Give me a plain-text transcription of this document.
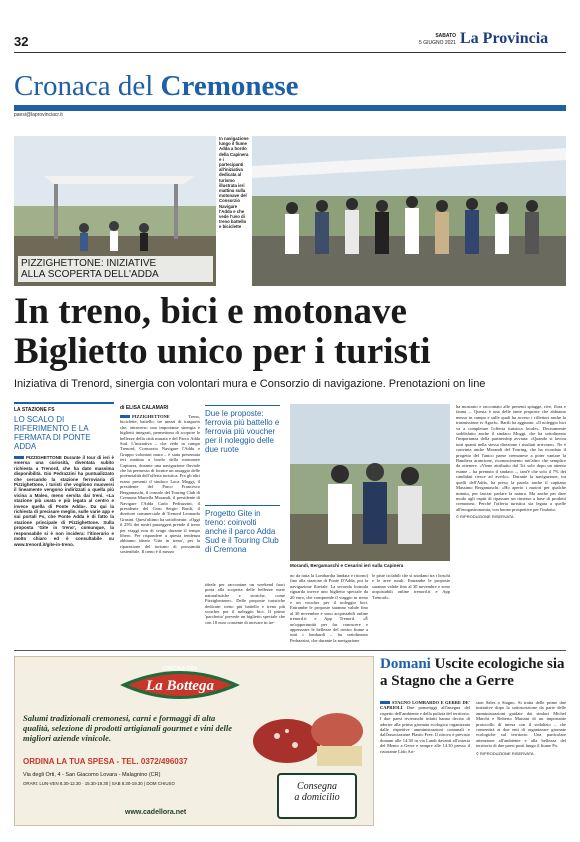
32	SABATO
5 GIUGNO 2021 La Provincia
Cronaca del Cremonese
paesi@laprovinciacr.it
PIZZIGHETTONE: INIZIATIVE
ALLA SCOPERTA DELL'ADDA
In navigazione lungo il fiume Adda a bordo della Capinera e i partecipanti all'iniziativa dedicata al turismo illustrata ieri mattina sulla motonave del Consorzio Navigare l'Adda e che vede l'uso di treno battello e biciclette
In treno, bici e motonave
Biglietto unico per i turisti
Iniziativa di Trenord, sinergia con volontari mura e Consorzio di navigazione. Prenotazioni on line
LA STAZIONE FS
LO SCALO DI RIFERIMENTO E LA FERMATA DI PONTE ADDA

PIZZIGHETTONE Durante il tour di ieri è emersa una curiosità, diventata subito richiesta a Trenord, che ha dato massima disponibilità. Gio Pedrazzini ha puntualizzato che cercando la stazione ferroviaria di Pizzighettone, i turisti che vogliono muoversi il lineamente vengono indirizzati a quella più vicina a Maleo, meno servita dai treni. «La stazione più usata e più legata al centro e invece quella di Ponte Adda». Da qui la richiesta di precisare meglio, sulle varie app e sui portali Fs, che Ponte Adda è di fatto la stazione principale di Pizzighettone. Sulla proposta 'Gite in treno', comunque, la responsabile si è non incidera: l'itinerario e molto chiaro ed è consultabile su www.trenord.it/gite-in-treno.

di ELISA CALAMARI

PIZZIGHETTONE	Treno, biciclette, battello: tre mezzi di trasporto che, attraverso una importante sinergia e biglietti integrati, permettono di scoprire le bellezze della città murata e del Parco Adda Sud. L'iniziativa – che vede in campo Trenord, Consorzio Navigare l'Adda e Gruppo volontari mura – è stata presentata ieri mattina a bordo della motonave Capinera, durante una navigazione fluviale che ha permesso di fornire un assaggio delle potenzialità dell'offerta turistica. Fra gli altri erano presenti il sindaco Luca Moggi, il presidente del Parco Francesco Bergamaschi, il console del Touring Club di Cremona Mariella Morandi, il presidente di Navigare l'Adda Carlo Pedrazzini, il presidente del Gvm Sergio Barili, il direttore commerciale di Trenord Leonardo Grasini. Quest'ultimo ha sottolineato: «Oggi il 25% dei nostri passeggeri prende il treno per viaggi non di svago durante il tempo libero. Per rispondere a questa tendenza abbiamo ideato 'Gite in treno', per la riparazione del turismo di prossimità sostenibile. Il treno è il mezzo

Due le proposte: ferrovia più battello e ferrovia più voucher per il noleggio delle due ruote
Progetto Gite in treno: coinvolti anche il parco Adda Sud e il Touring Club di Cremona

ideale per raccontare un weekend fuori porta alla scoperta delle bellezze mete naturalistiche e storiche, come Pizzighettone». Delle proposte turistiche dedicate: treno più battello e treno più voucher per il noleggio bici. Il primo 'pacchetto' prevede un biglietto speciale che con 18 euro consente di arrivare in tre-

Morandi, Bergamaschi e Cesarini ieri sulla Capinera

no da tutta la Lombardia landata e ritorno) fino alla stazione di Ponte D'Adda, poi la navigazione fluviale. La seconda formula riguarda invece uno biglietto speciale da 20 euro, che comprende il viaggio in treno e un voucher per il noleggio bici. Entrambe le proposte saranno valide fino al 30 novembre e sono acquistabili online trenord.it e App Trenord. «È un'opportunità per far conoscere e apprezzare le bellezze del nostro fiume a tutti i lombardi – ha sottolineato Pedrazzini, che durante la navigazione

le piste ciclabili che si snodano tra i boschi e le aree rurali. Entrambe le proposte saranno valide fino al 30 novembre e sono acquistabili online trenord.it e App Trenord».

ha mostrato e raccontato alle presenti spiagge, rive, flora e fauna –. Questa è una delle tante proposte che abbiamo messo in campo e sulle quali ha acceso i riflettori anche la trasmissione tv Agorà». Barili ha aggiunto: «Il noleggio bici va a completare l'offerta turistica locale». Decisamente soddisfatto anche il sindaco Moggi, che ha sottolineato l'importanza della partnership avviata: «Quando si lavora tutti quanti nella stessa direzione i risultati arrivano». Ne è convinta anche Morandi del Touring, che ha ricordato il progetto del l'unico paese cremonese a poter vantare la Bandiera arancione, riconoscimento tutt'altro che semplice da ottenere. «Viene attribuito dal Tci solo dopo un attento esame – ha premuto il sindaco –, tant'è che solo il 7% dei candidati riesce ad averlo». Durante la navigazione, tra quelli dell'Adda, ha preso la parola anche il capitano Massimo Bergamaschi: «Ho aperto i motori per qualche minuto, per lasciar parlare la natura. Ma anche per dare modo agli ospiti di ripassare un rimesso a base di prodotti cremonesi. Perché l'offerta turistica sia legata a quelle all'enogastronomia, con buone prospettive per l'indotto.

© RIPRODUZIONE RISERVATA

CASCINA ORA
La Bottega
Salumi tradizionali cremonesi, carni e formaggi di alta qualità, selezione di prodotti artigianali gourmet e vini delle migliori aziende vinicole.
ORDINA LA TUA SPESA - TEL. 0372/496037
Via degli Orti, 4 - San Giacomo Lovara - Malagnino (CR)
ORARI: LUN-VEN 8.30-12.30 · 15.30-19.30 | SAB 8.30-19.30 | DOM CHIUSO
www.cadellora.net
Consegna
a domicilio
Domani Uscite ecologiche sia a Stagno che a Gerre

STAGNO LOMBARDO E GERRE DE' CAPRIOLI Due pomeriggi all'insegna del rispetto dell'ambiente e della pulizia del territorio. I due paesi rivieraschi infatti hanno deciso di aderire alla prima giornata ecologica organizzata dalle rispettive amministrazioni comunali e dall'associazione Plastic Free. Il ritrovo è previsto domani alle 14.30 in via Landi davanti all'osteria del Mento a Gerre e sempre alle 14.30 presso il ristorante Lido Ari-

ston Sales a Stagno. Si tratta delle prime due iniziative dopo la sottoscrizione da parte delle amministrazioni guidate dai sindaci Michel Marchi e Roberto Mariani di un importante protocollo di intesa con il sodalizio – che consentirà ai due enti di organizzare giornate ecologiche sul territorio. Una particolare attenzione all'ambiente e alla bellezza del territorio di due paesi posti lungo il fiume Po.

© RIPRODUZIONE RISERVATA
